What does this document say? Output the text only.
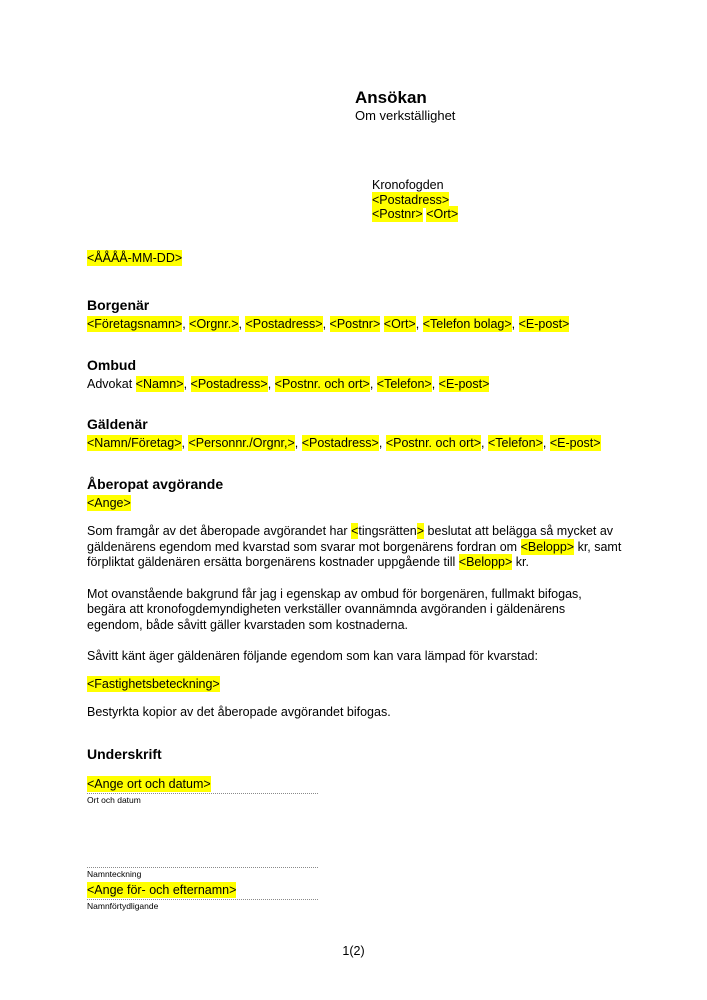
Ansökan
Om verkställighet
Kronofogden
<Postadress>
<Postnr> <Ort>
<ÅÅÅÅ-MM-DD>
Borgenär
<Företagsnamn>, <Orgnr.>, <Postadress>, <Postnr> <Ort>, <Telefon bolag>, <E-post>
Ombud
Advokat <Namn>, <Postadress>, <Postnr. och ort>, <Telefon>, <E-post>
Gäldenär
<Namn/Företag>, <Personnr./Orgnr,>, <Postadress>, <Postnr. och ort>, <Telefon>, <E-post>
Åberopat avgörande
<Ange>

Som framgår av det åberopade avgörandet har <tingsrätten> beslutat att belägga så mycket av gäldenärens egendom med kvarstad som svarar mot borgenärens fordran om <Belopp> kr, samt förpliktat gäldenären ersätta borgenärens kostnader uppgående till <Belopp> kr.

Mot ovanstående bakgrund får jag i egenskap av ombud för borgenären, fullmakt bifogas, begära att kronofogdemyndigheten verkställer ovannämnda avgöranden i gäldenärens egendom, både såvitt gäller kvarstaden som kostnaderna.

Såvitt känt äger gäldenären följande egendom som kan vara lämpad för kvarstad:

<Fastighetsbeteckning>

Bestyrkta kopior av det åberopade avgörandet bifogas.

Underskrift
<Ange ort och datum>
Ort och datum
Namnteckning
<Ange för- och efternamn>
Namnförtydligande
1(2)
